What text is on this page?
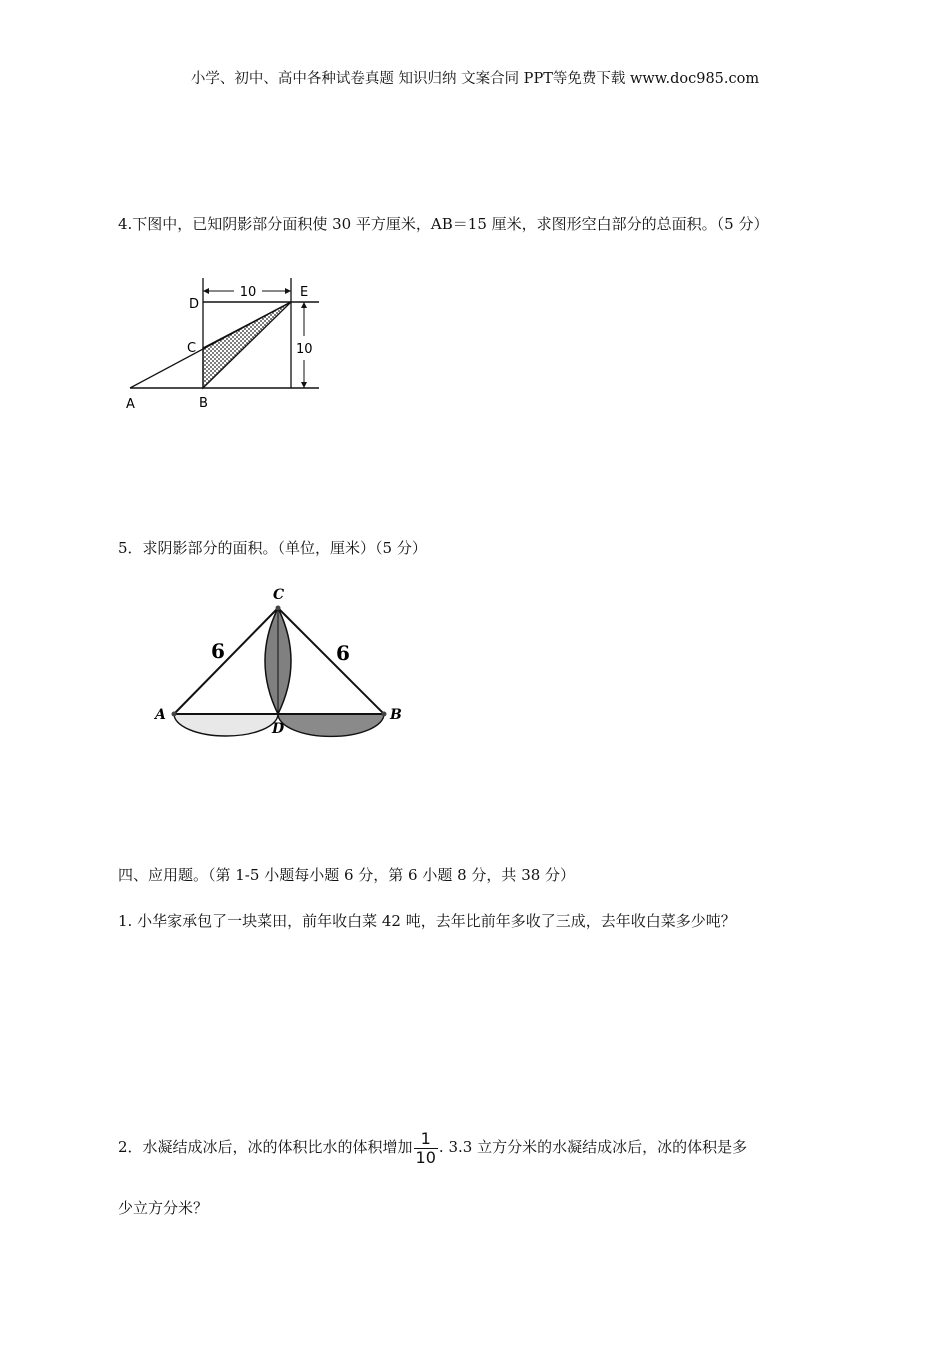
小学、初中、高中各种试卷真题 知识归纳 文案合同 PPT等免费下载 www.doc985.com
4.下图中，已知阴影部分面积使 30 平方厘米，AB＝15 厘米，求图形空白部分的总面积。（5 分）
10
10
D
E
C
A	B
5．求阴影部分的面积。（单位，厘米）（5 分）
C
A	B
D
6	6
四、应用题。（第 1-5 小题每小题 6 分，第 6 小题 8 分，共 38 分）
1. 小华家承包了一块菜田，前年收白菜 42 吨，去年比前年多收了三成，去年收白菜多少吨？
2．水凝结成冰后，冰的体积比水的体积增加 $\frac{1}{10}$ . 3.3 立方分米的水凝结成冰后，冰的体积是多
少立方分米？
